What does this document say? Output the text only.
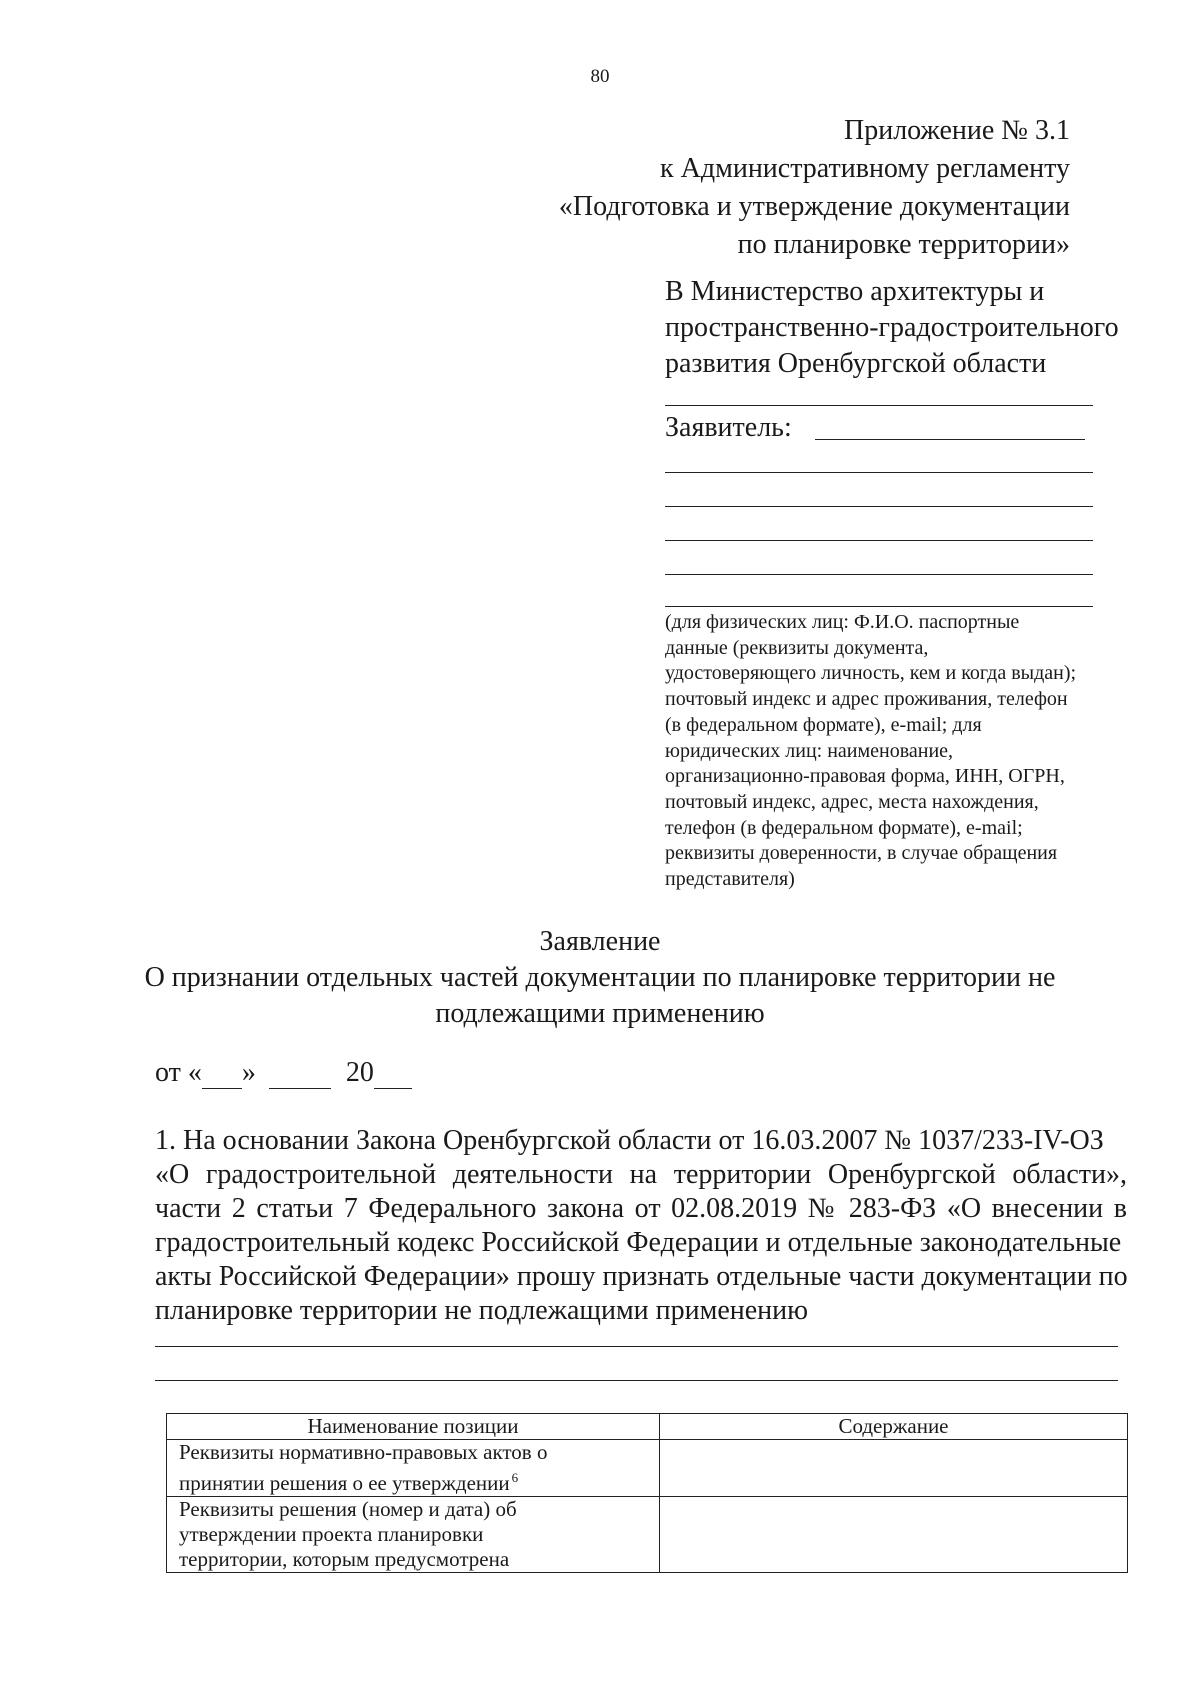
80
Приложение № 3.1
к Административному регламенту
«Подготовка и утверждение документации
по планировке территории»
В Министерство архитектуры и
пространственно-градостроительного
развития Оренбургской области
Заявитель:
(для физических лиц: Ф.И.О. паспортные
данные (реквизиты документа,
удостоверяющего личность, кем и когда выдан);
почтовый индекс и адрес проживания, телефон
(в федеральном формате), e-mail; для
юридических лиц: наименование,
организационно-правовая форма, ИНН, ОГРН,
почтовый индекс, адрес, места нахождения,
телефон (в федеральном формате), e-mail;
реквизиты доверенности, в случае обращения
представителя)
Заявление
О признании отдельных частей документации по планировке территории не
подлежащими применению
от « »	20
1. На основании Закона Оренбургской области от 16.03.2007 № 1037/233-IV-ОЗ
«О градостроительной деятельности на территории Оренбургской области»,
части 2 статьи 7 Федерального закона от 02.08.2019 № 283-ФЗ «О внесении в
градостроительный кодекс Российской Федерации и отдельные законодательные
акты Российской Федерации» прошу признать отдельные части документации по
планировке территории не подлежащими применению
Наименование позиции	Содержание

Реквизиты нормативно-правовых актов о
принятии решения о ее утверждении $^6$

Реквизиты решения (номер и дата) об
утверждении проекта планировки
территории, которым предусмотрена	
